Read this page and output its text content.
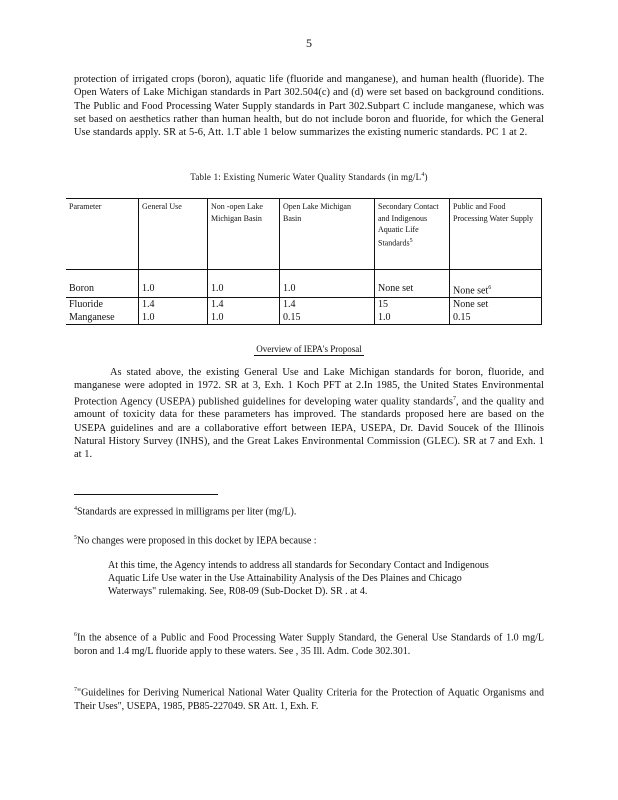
5
protection of irrigated crops (boron), aquatic life (fluoride and manganese), and human health (fluoride). The Open Waters of Lake Michigan standards in Part 302.504(c) and (d) were set based on background conditions. The Public and Food Processing Water Supply standards in Part 302.Subpart C include manganese, which was set based on aesthetics rather than human health, but do not include boron and fluoride, for which the General Use standards apply. SR at 5-6, Att. 1.T able 1 below summarizes the existing numeric standards. PC 1 at 2.
Table 1: Existing Numeric Water Quality Standards (in $mg/L^4$)
Parameter	General Use	Non -open Lake Michigan Basin	Open Lake Michigan Basin	Secondary Contact and Indigenous Aquatic Life Standards$^5$	Public and Food Processing Water Supply
Boron	1.0	1.0	1.0	None set	None set$^6$
Fluoride	1.4	1.4	1.4	15	None set
Manganese	1.0	1.0	0.15	1.0	0.15
Overview of IEPA's Proposal
As stated above, the existing General Use and Lake Michigan standards for boron, fluoride, and manganese were adopted in 1972. SR at 3, Exh. 1 Koch PFT at 2.In 1985, the United States Environmental Protection Agency (USEPA) published guidelines for developing water quality standards$^7$, and the quality and amount of toxicity data for these parameters has improved. The standards proposed here are based on the USEPA guidelines and are a collaborative effort between IEPA, USEPA, Dr. David Soucek of the Illinois Natural History Survey (INHS), and the Great Lakes Environmental Commission (GLEC). SR at 7 and Exh. 1 at 1.
$^4$Standards are expressed in milligrams per liter (mg/L).
$^5$No changes were proposed in this docket by IEPA because :
At this time, the Agency intends to address all standards for Secondary Contact and Indigenous Aquatic Life Use water in the Use Attainability Analysis of the Des Plaines and Chicago Waterways" rulemaking. See, R08-09 (Sub-Docket D). SR . at 4.
$^6$In the absence of a Public and Food Processing Water Supply Standard, the General Use Standards of 1.0 mg/L boron and 1.4 mg/L fluoride apply to these waters. See , 35 Ill. Adm. Code 302.301.
$^7$"Guidelines for Deriving Numerical National Water Quality Criteria for the Protection of Aquatic Organisms and Their Uses", USEPA, 1985, PB85-227049. SR Att. 1, Exh. F.
